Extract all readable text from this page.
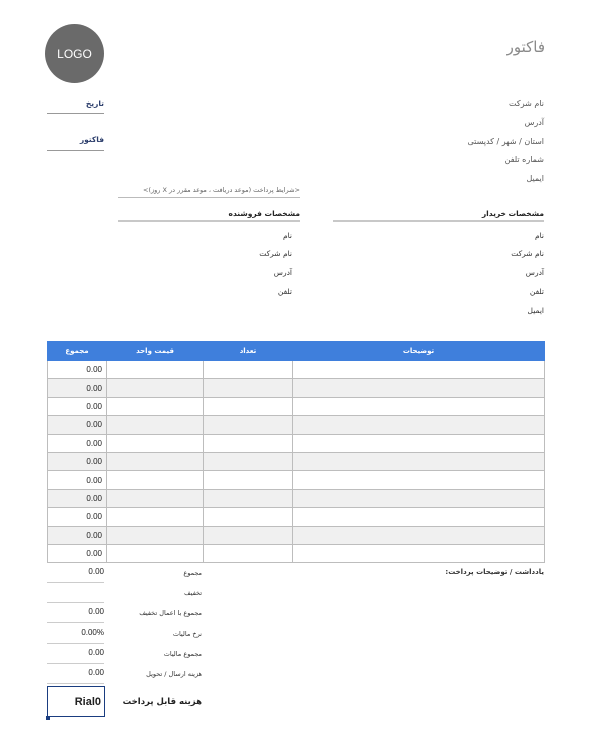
LOGO	فاکتور
نام شرکت
آدرس
استان / شهر / کدپستی
شماره تلفن
ایمیل
تاریخ
فاکتور
<شرایط پرداخت (موعد دریافت ، موعد مقرر در X روز)>
مشخصات خریدار
نام
نام شرکت
آدرس
تلفن
ایمیل
مشخصات فروشنده
نام
نام شرکت
آدرس
تلفن
مجموع	قیمت واحد	تعداد	توضیحات
0.00			
0.00			
0.00			
0.00			
0.00			
0.00			
0.00			
0.00			
0.00			
0.00			
0.00			
یادداشت / توضیحات پرداخت:
0.00	مجموع
تخفیف
0.00	مجموع با اعمال تخفیف
0.00%	نرخ مالیات
0.00	مجموع مالیات
0.00	هزینه ارسال / تحویل
Rial0	هزینه قابل پرداخت
